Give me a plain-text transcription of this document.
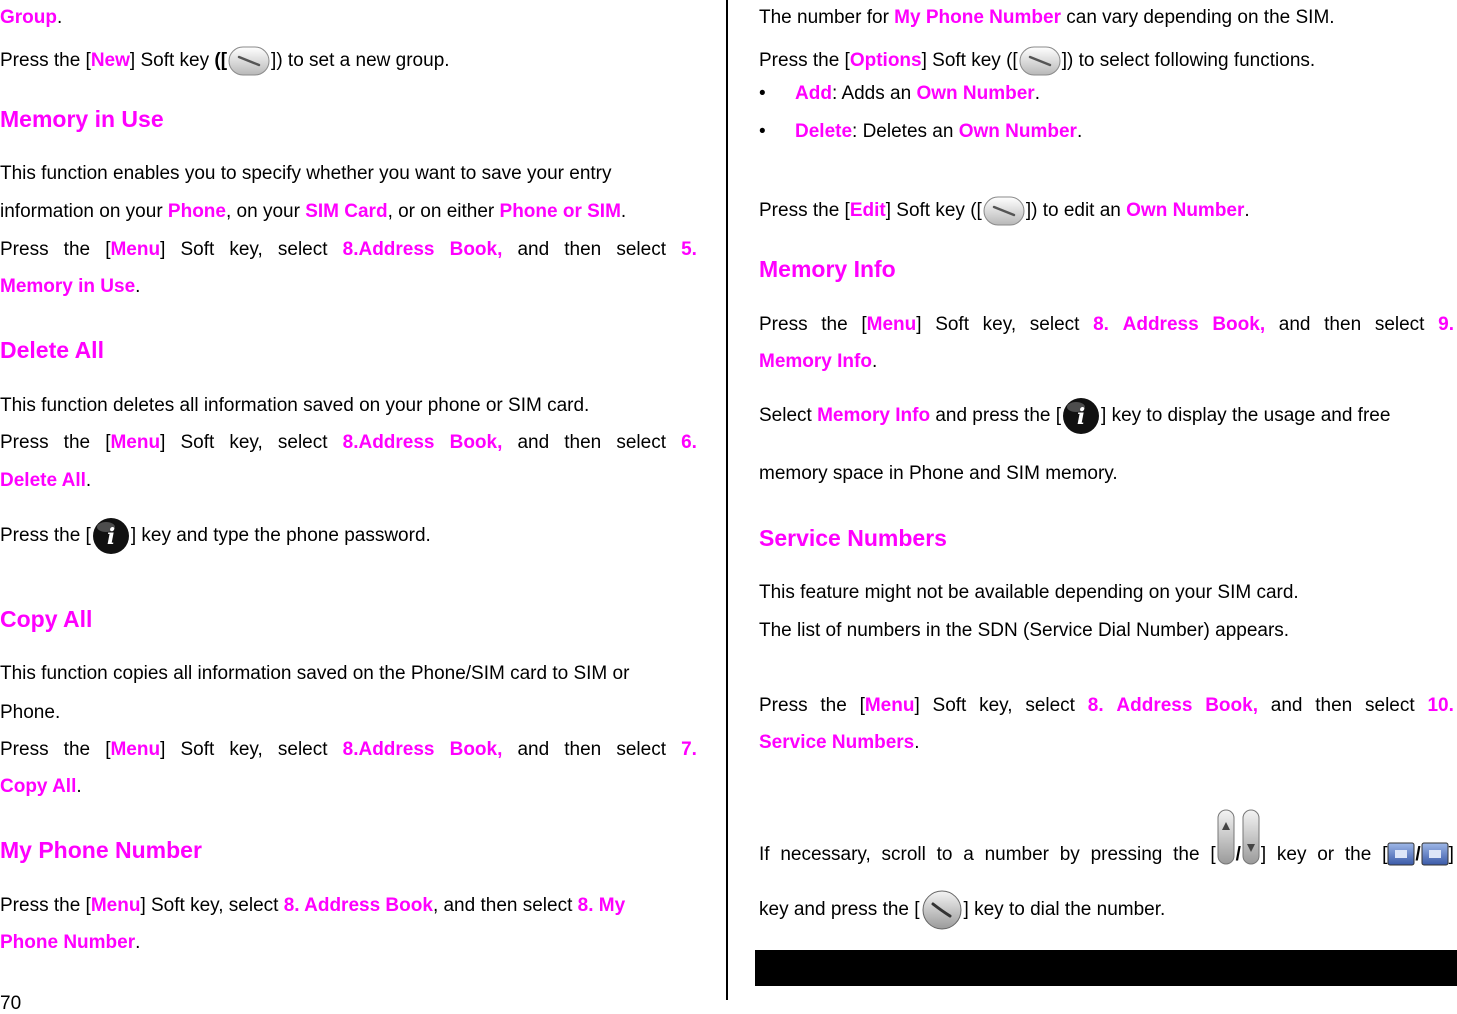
Group.
Press the [New] Soft key ([ ]) to set a new group.
Memory in Use
This function enables you to specify whether you want to save your entry
information on your Phone, on your SIM Card, or on either Phone or SIM.
Press the [Menu] Soft key, select 8.Address Book, and then select 5.
Memory in Use.
Delete All
This function deletes all information saved on your phone or SIM card.
Press the [Menu] Soft key, select 8.Address Book, and then select 6.
Delete All.
Press the [ i ] key and type the phone password.
Copy All
This function copies all information saved on the Phone/SIM card to SIM or
Phone.
Press the [Menu] Soft key, select 8.Address Book, and then select 7.
Copy All.
My Phone Number
Press the [Menu] Soft key, select 8. Address Book, and then select 8. My
Phone Number.
70
The number for My Phone Number can vary depending on the SIM.
Press the [Options] Soft key ([ ]) to select following functions.
• Add: Adds an Own Number.
• Delete: Deletes an Own Number.
Press the [Edit] Soft key ([ ]) to edit an Own Number.
Memory Info
Press the [Menu] Soft key, select 8. Address Book, and then select 9.
Memory Info.
Select Memory Info and press the [ i ] key to display the usage and free
memory space in Phone and SIM memory.
Service Numbers
This feature might not be available depending on your SIM card.
The list of numbers in the SDN (Service Dial Number) appears.
Press the [Menu] Soft key, select 8. Address Book, and then select 10.
Service Numbers.
If necessary, scroll to a number by pressing the [ / ] key or the [ / ]
key and press the [ ] key to dial the number.
